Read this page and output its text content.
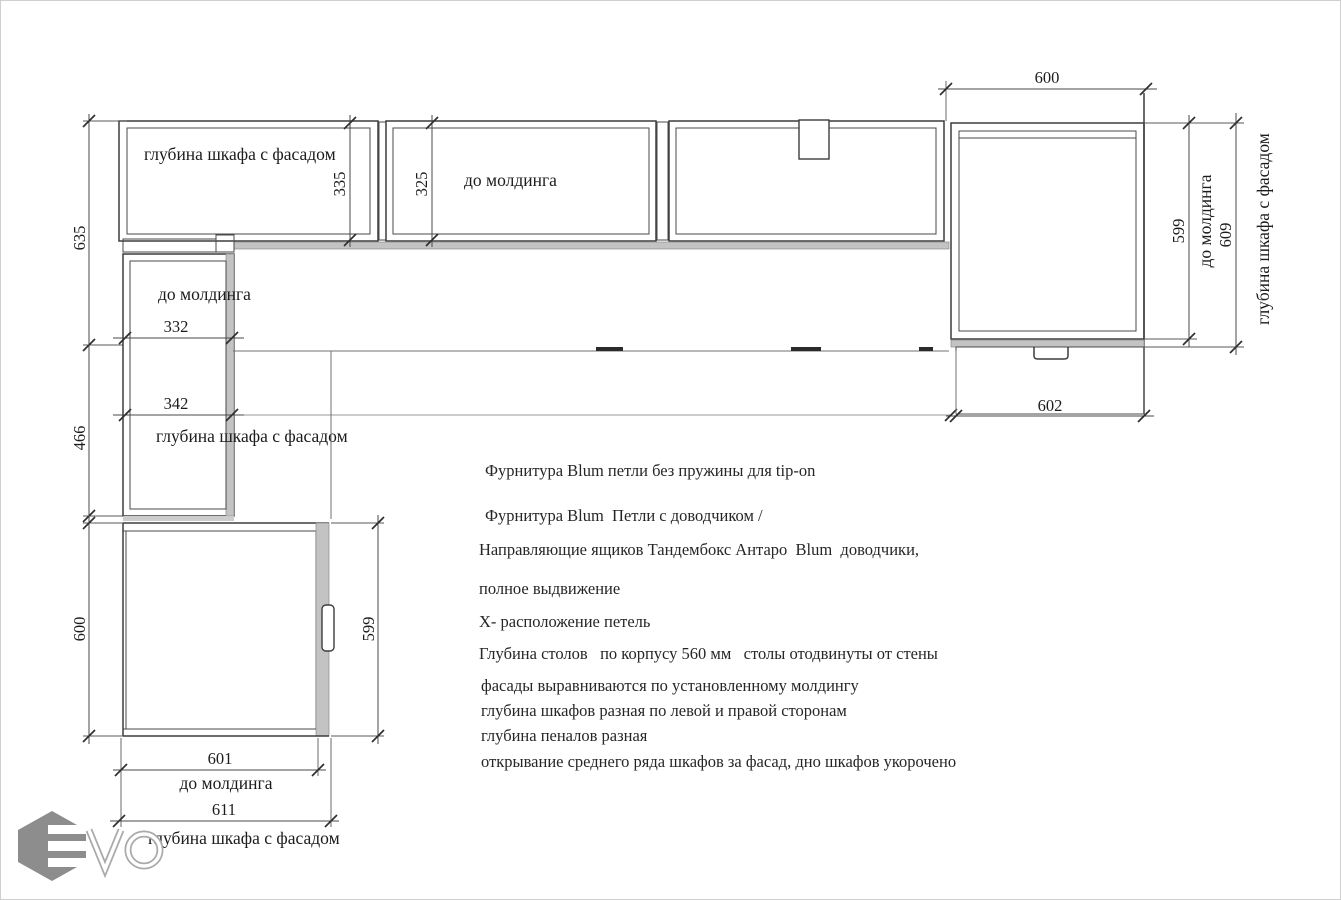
335	325
глубина шкафа с фасадом
до молдинга
600
602
599 до молдинга 609 глубина шкафа с фасадом
635
466
до молдинга
332
342
глубина шкафа с фасадом
600	599
601
до молдинга
611
глубина шкафа с фасадом
Фурнитура Blum петли без пружины для tip-on
Фурнитура Blum  Петли с доводчиком /
Направляющие ящиков Тандембокс Антаро  Blum  доводчики,
полное выдвижение
Х- расположение петель
Глубина столов   по корпусу 560 мм   столы отодвинуты от стены
фасады выравниваются по установленному молдингу
глубина шкафов разная по левой и правой сторонам
глубина пеналов разная
открывание среднего ряда шкафов за фасад, дно шкафов укорочено
